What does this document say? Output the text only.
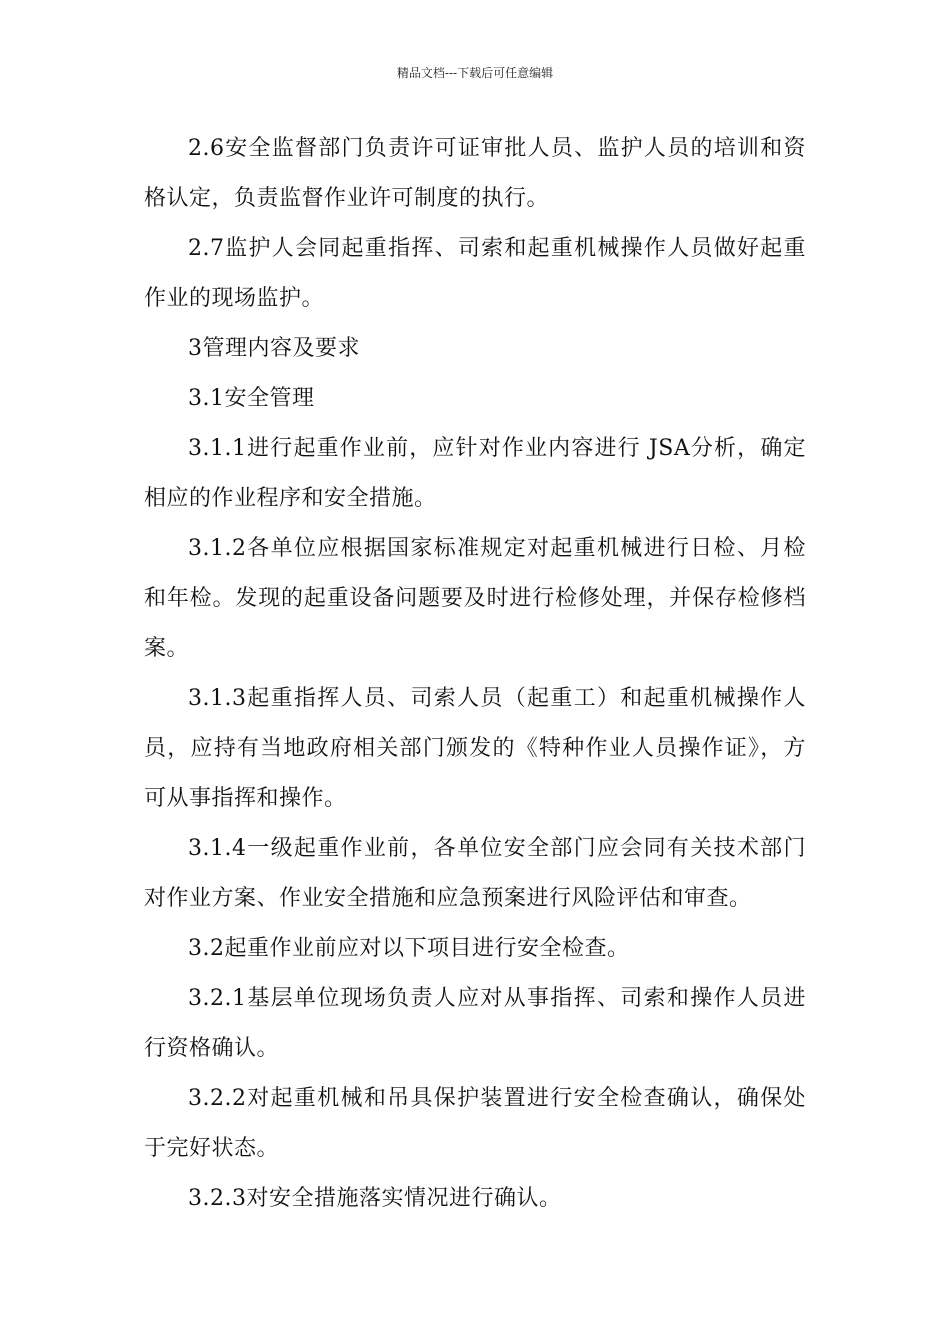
精品文档---下载后可任意编辑

2.6安全监督部门负责许可证审批人员、监护人员的培训和资格认定，负责监督作业许可制度的执行。

2.7监护人会同起重指挥、司索和起重机械操作人员做好起重作业的现场监护。

3管理内容及要求

3.1安全管理

3.1.1进行起重作业前，应针对作业内容进行 JSA分析，确定相应的作业程序和安全措施。

3.1.2各单位应根据国家标准规定对起重机械进行日检、月检和年检。发现的起重设备问题要及时进行检修处理，并保存检修档案。

3.1.3起重指挥人员、司索人员（起重工）和起重机械操作人员，应持有当地政府相关部门颁发的《特种作业人员操作证》，方可从事指挥和操作。

3.1.4一级起重作业前，各单位安全部门应会同有关技术部门对作业方案、作业安全措施和应急预案进行风险评估和审查。

3.2起重作业前应对以下项目进行安全检查。

3.2.1基层单位现场负责人应对从事指挥、司索和操作人员进行资格确认。

3.2.2对起重机械和吊具保护装置进行安全检查确认，确保处于完好状态。

3.2.3对安全措施落实情况进行确认。
